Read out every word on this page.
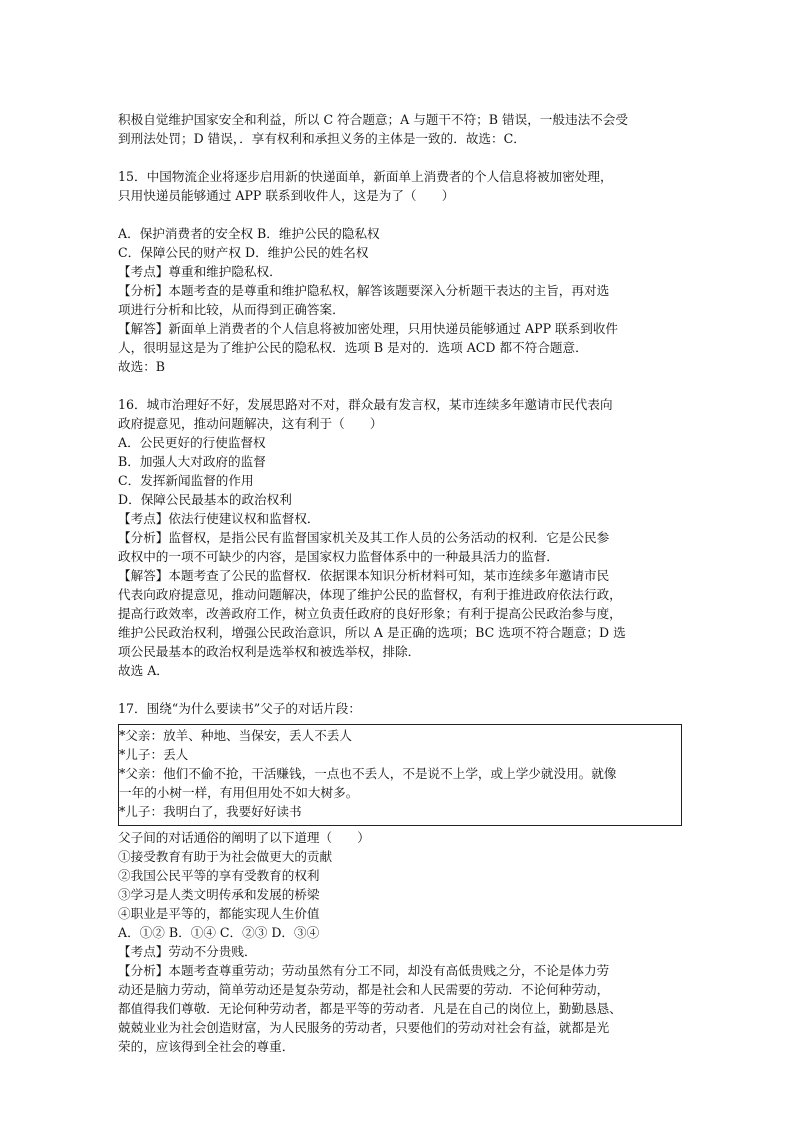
积极自觉维护国家安全和利益，所以 C 符合题意；A 与题干不符；B 错误，一般违法不会受
到刑法处罚；D 错误，．享有权利和承担义务的主体是一致的．故选：C．
15．中国物流企业将逐步启用新的快递面单，新面单上消费者的个人信息将被加密处理，
只用快递员能够通过 APP 联系到收件人，这是为了（　　）
A．保护消费者的安全权 B．维护公民的隐私权
C．保障公民的财产权 D．维护公民的姓名权
【考点】尊重和维护隐私权．
【分析】本题考查的是尊重和维护隐私权，解答该题要深入分析题干表达的主旨，再对选
项进行分析和比较，从而得到正确答案．
【解答】新面单上消费者的个人信息将被加密处理，只用快递员能够通过 APP 联系到收件
人，很明显这是为了维护公民的隐私权．选项 B 是对的．选项 ACD 都不符合题意．
故选：B
16．城市治理好不好，发展思路对不对，群众最有发言权，某市连续多年邀请市民代表向
政府提意见，推动问题解决，这有利于（　　）
A．公民更好的行使监督权
B．加强人大对政府的监督
C．发挥新闻监督的作用
D．保障公民最基本的政治权利
【考点】依法行使建议权和监督权．
【分析】监督权，是指公民有监督国家机关及其工作人员的公务活动的权利．它是公民参
政权中的一项不可缺少的内容，是国家权力监督体系中的一种最具活力的监督．
【解答】本题考查了公民的监督权．依据课本知识分析材料可知，某市连续多年邀请市民
代表向政府提意见，推动问题解决，体现了维护公民的监督权，有利于推进政府依法行政，
提高行政效率，改善政府工作，树立负责任政府的良好形象；有利于提高公民政治参与度，
维护公民政治权利，增强公民政治意识，所以 A 是正确的选项；BC 选项不符合题意；D 选
项公民最基本的政治权利是选举权和被选举权，排除．
故选 A．
17．围绕“为什么要读书”父子的对话片段：
*父亲：放羊、种地、当保安，丢人不丢人
*儿子：丢人
*父亲：他们不偷不抢，干活赚钱，一点也不丢人，不是说不上学，或上学少就没用。就像
一年的小树一样，有用但用处不如大树多。
*儿子：我明白了，我要好好读书
父子间的对话通俗的阐明了以下道理（　　）
①接受教育有助于为社会做更大的贡献
②我国公民平等的享有受教育的权利
③学习是人类文明传承和发展的桥梁
④职业是平等的，都能实现人生价值
A．①② B．①④ C．②③ D．③④
【考点】劳动不分贵贱．
【分析】本题考查尊重劳动；劳动虽然有分工不同，却没有高低贵贱之分，不论是体力劳
动还是脑力劳动，简单劳动还是复杂劳动，都是社会和人民需要的劳动．不论何种劳动，
都值得我们尊敬．无论何种劳动者，都是平等的劳动者．凡是在自己的岗位上，勤勤恳恳、
兢兢业业为社会创造财富，为人民服务的劳动者，只要他们的劳动对社会有益，就都是光
荣的，应该得到全社会的尊重．
